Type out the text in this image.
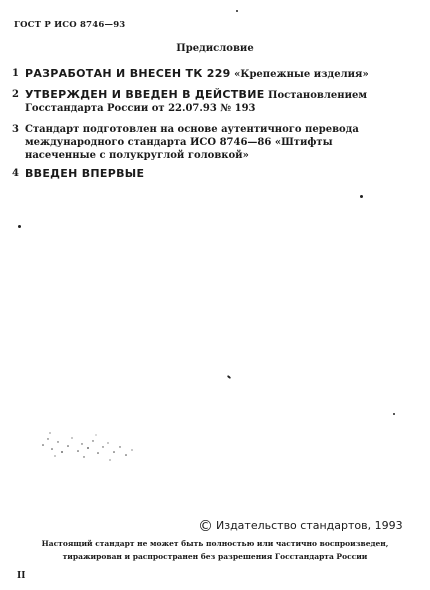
ГОСТ Р ИСО 8746—93
Предисловие
1 РАЗРАБОТАН И ВНЕСЕН ТК 229 «Крепежные изделия»
2 УТВЕРЖДЕН И ВВЕДЕН В ДЕЙСТВИЕ Постановлением Госстандарта России от 22.07.93 № 193
3 Стандарт подготовлен на основе аутентичного перевода международного стандарта ИСО 8746—86 «Штифты насеченные с полукруглой головкой»
4 ВВЕДЕН ВПЕРВЫЕ
© Издательство стандартов, 1993
Настоящий стандарт не может быть полностью или частично воспроизведен,
тиражирован и распространен без разрешения Госстандарта России
II
